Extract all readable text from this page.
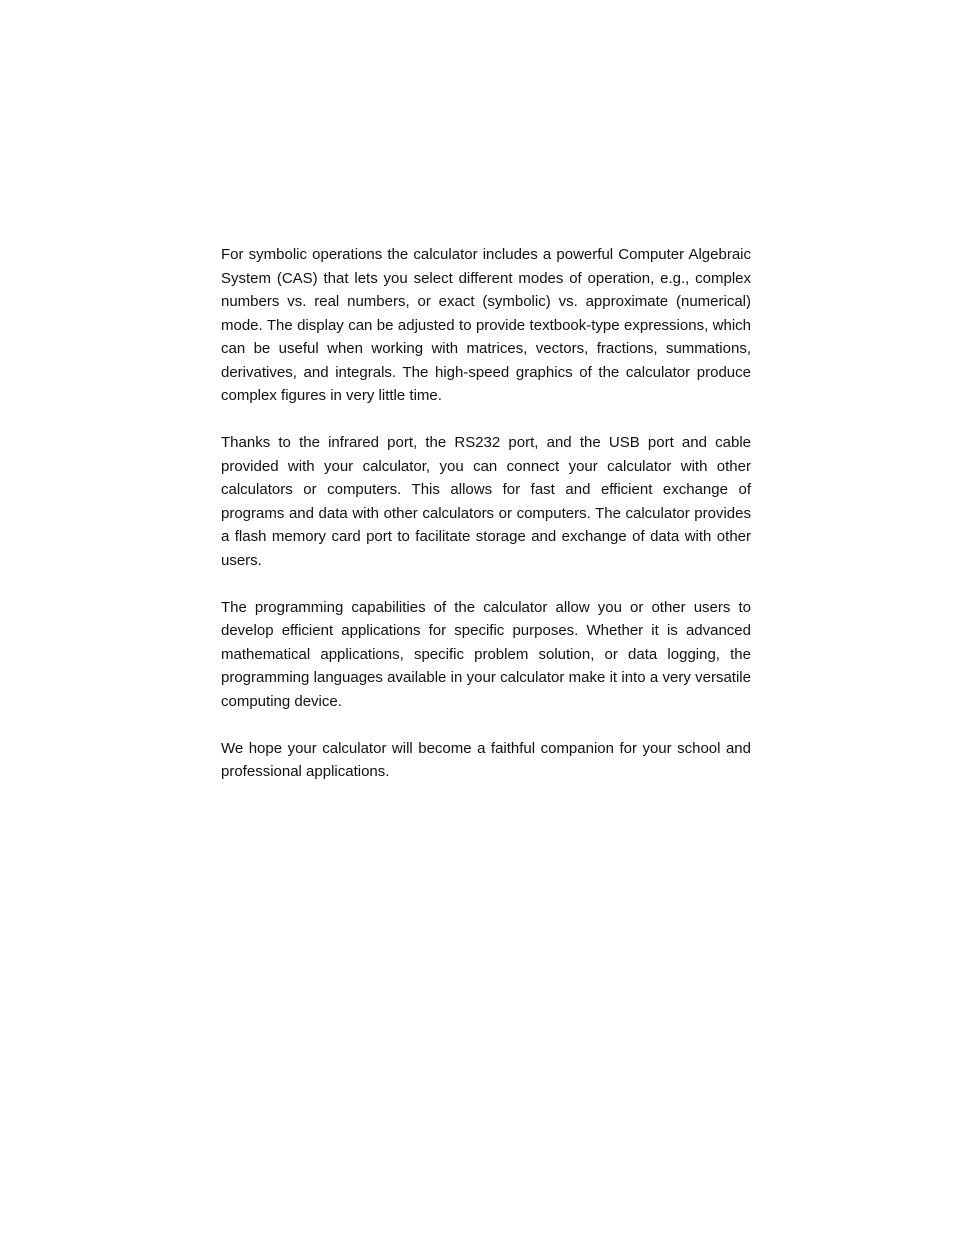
For symbolic operations the calculator includes a powerful Computer Algebraic System (CAS) that lets you select different modes of operation, e.g., complex numbers vs. real numbers, or exact (symbolic) vs. approximate (numerical) mode. The display can be adjusted to provide textbook-type expressions, which can be useful when working with matrices, vectors, fractions, summations, derivatives, and integrals. The high-speed graphics of the calculator produce complex figures in very little time.

Thanks to the infrared port, the RS232 port, and the USB port and cable provided with your calculator, you can connect your calculator with other calculators or computers. This allows for fast and efficient exchange of programs and data with other calculators or computers. The calculator provides a flash memory card port to facilitate storage and exchange of data with other users.

The programming capabilities of the calculator allow you or other users to develop efficient applications for specific purposes. Whether it is advanced mathematical applications, specific problem solution, or data logging, the programming languages available in your calculator make it into a very versatile computing device.

We hope your calculator will become a faithful companion for your school and professional applications.
